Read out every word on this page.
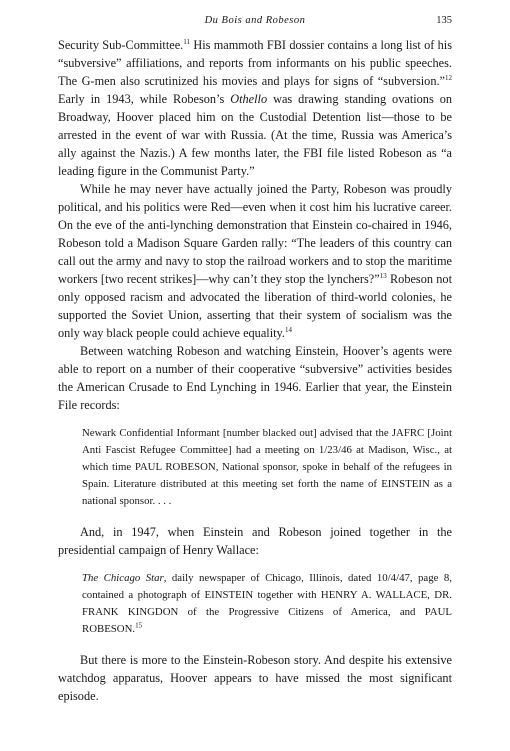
Du Bois and Robeson	135

Security Sub-Committee.$^{11}$ His mammoth FBI dossier contains a long list of his “subversive” affiliations, and reports from informants on his public speeches. The G-men also scrutinized his movies and plays for signs of “subversion.”$^{12}$ Early in 1943, while Robeson’s Othello was drawing standing ovations on Broadway, Hoover placed him on the Custodial Detention list—those to be arrested in the event of war with Russia. (At the time, Russia was America’s ally against the Nazis.) A few months later, the FBI file listed Robeson as “a leading figure in the Communist Party.”

While he may never have actually joined the Party, Robeson was proudly political, and his politics were Red—even when it cost him his lucrative career. On the eve of the anti-lynching demonstration that Einstein co-chaired in 1946, Robeson told a Madison Square Garden rally: “The leaders of this country can call out the army and navy to stop the railroad workers and to stop the maritime workers [two recent strikes]—why can’t they stop the lynchers?”$^{13}$ Robeson not only opposed racism and advocated the liberation of third-world colonies, he supported the Soviet Union, asserting that their system of socialism was the only way black people could achieve equality.$^{14}$

Between watching Robeson and watching Einstein, Hoover’s agents were able to report on a number of their cooperative “subversive” activities besides the American Crusade to End Lynching in 1946. Earlier that year, the Einstein File records:

Newark Confidential Informant [number blacked out] advised that the JAFRC [Joint Anti Fascist Refugee Committee] had a meeting on 1/23/46 at Madison, Wisc., at which time PAUL ROBESON, National sponsor, spoke in behalf of the refugees in Spain. Literature distributed at this meeting set forth the name of EINSTEIN as a national sponsor. . . .

And, in 1947, when Einstein and Robeson joined together in the presidential campaign of Henry Wallace:

The Chicago Star, daily newspaper of Chicago, Illinois, dated 10/4/47, page 8, contained a photograph of EINSTEIN together with HENRY A. WALLACE, DR. FRANK KINGDON of the Progressive Citizens of America, and PAUL ROBESON.$^{15}$

But there is more to the Einstein-Robeson story. And despite his extensive watchdog apparatus, Hoover appears to have missed the most significant episode.
